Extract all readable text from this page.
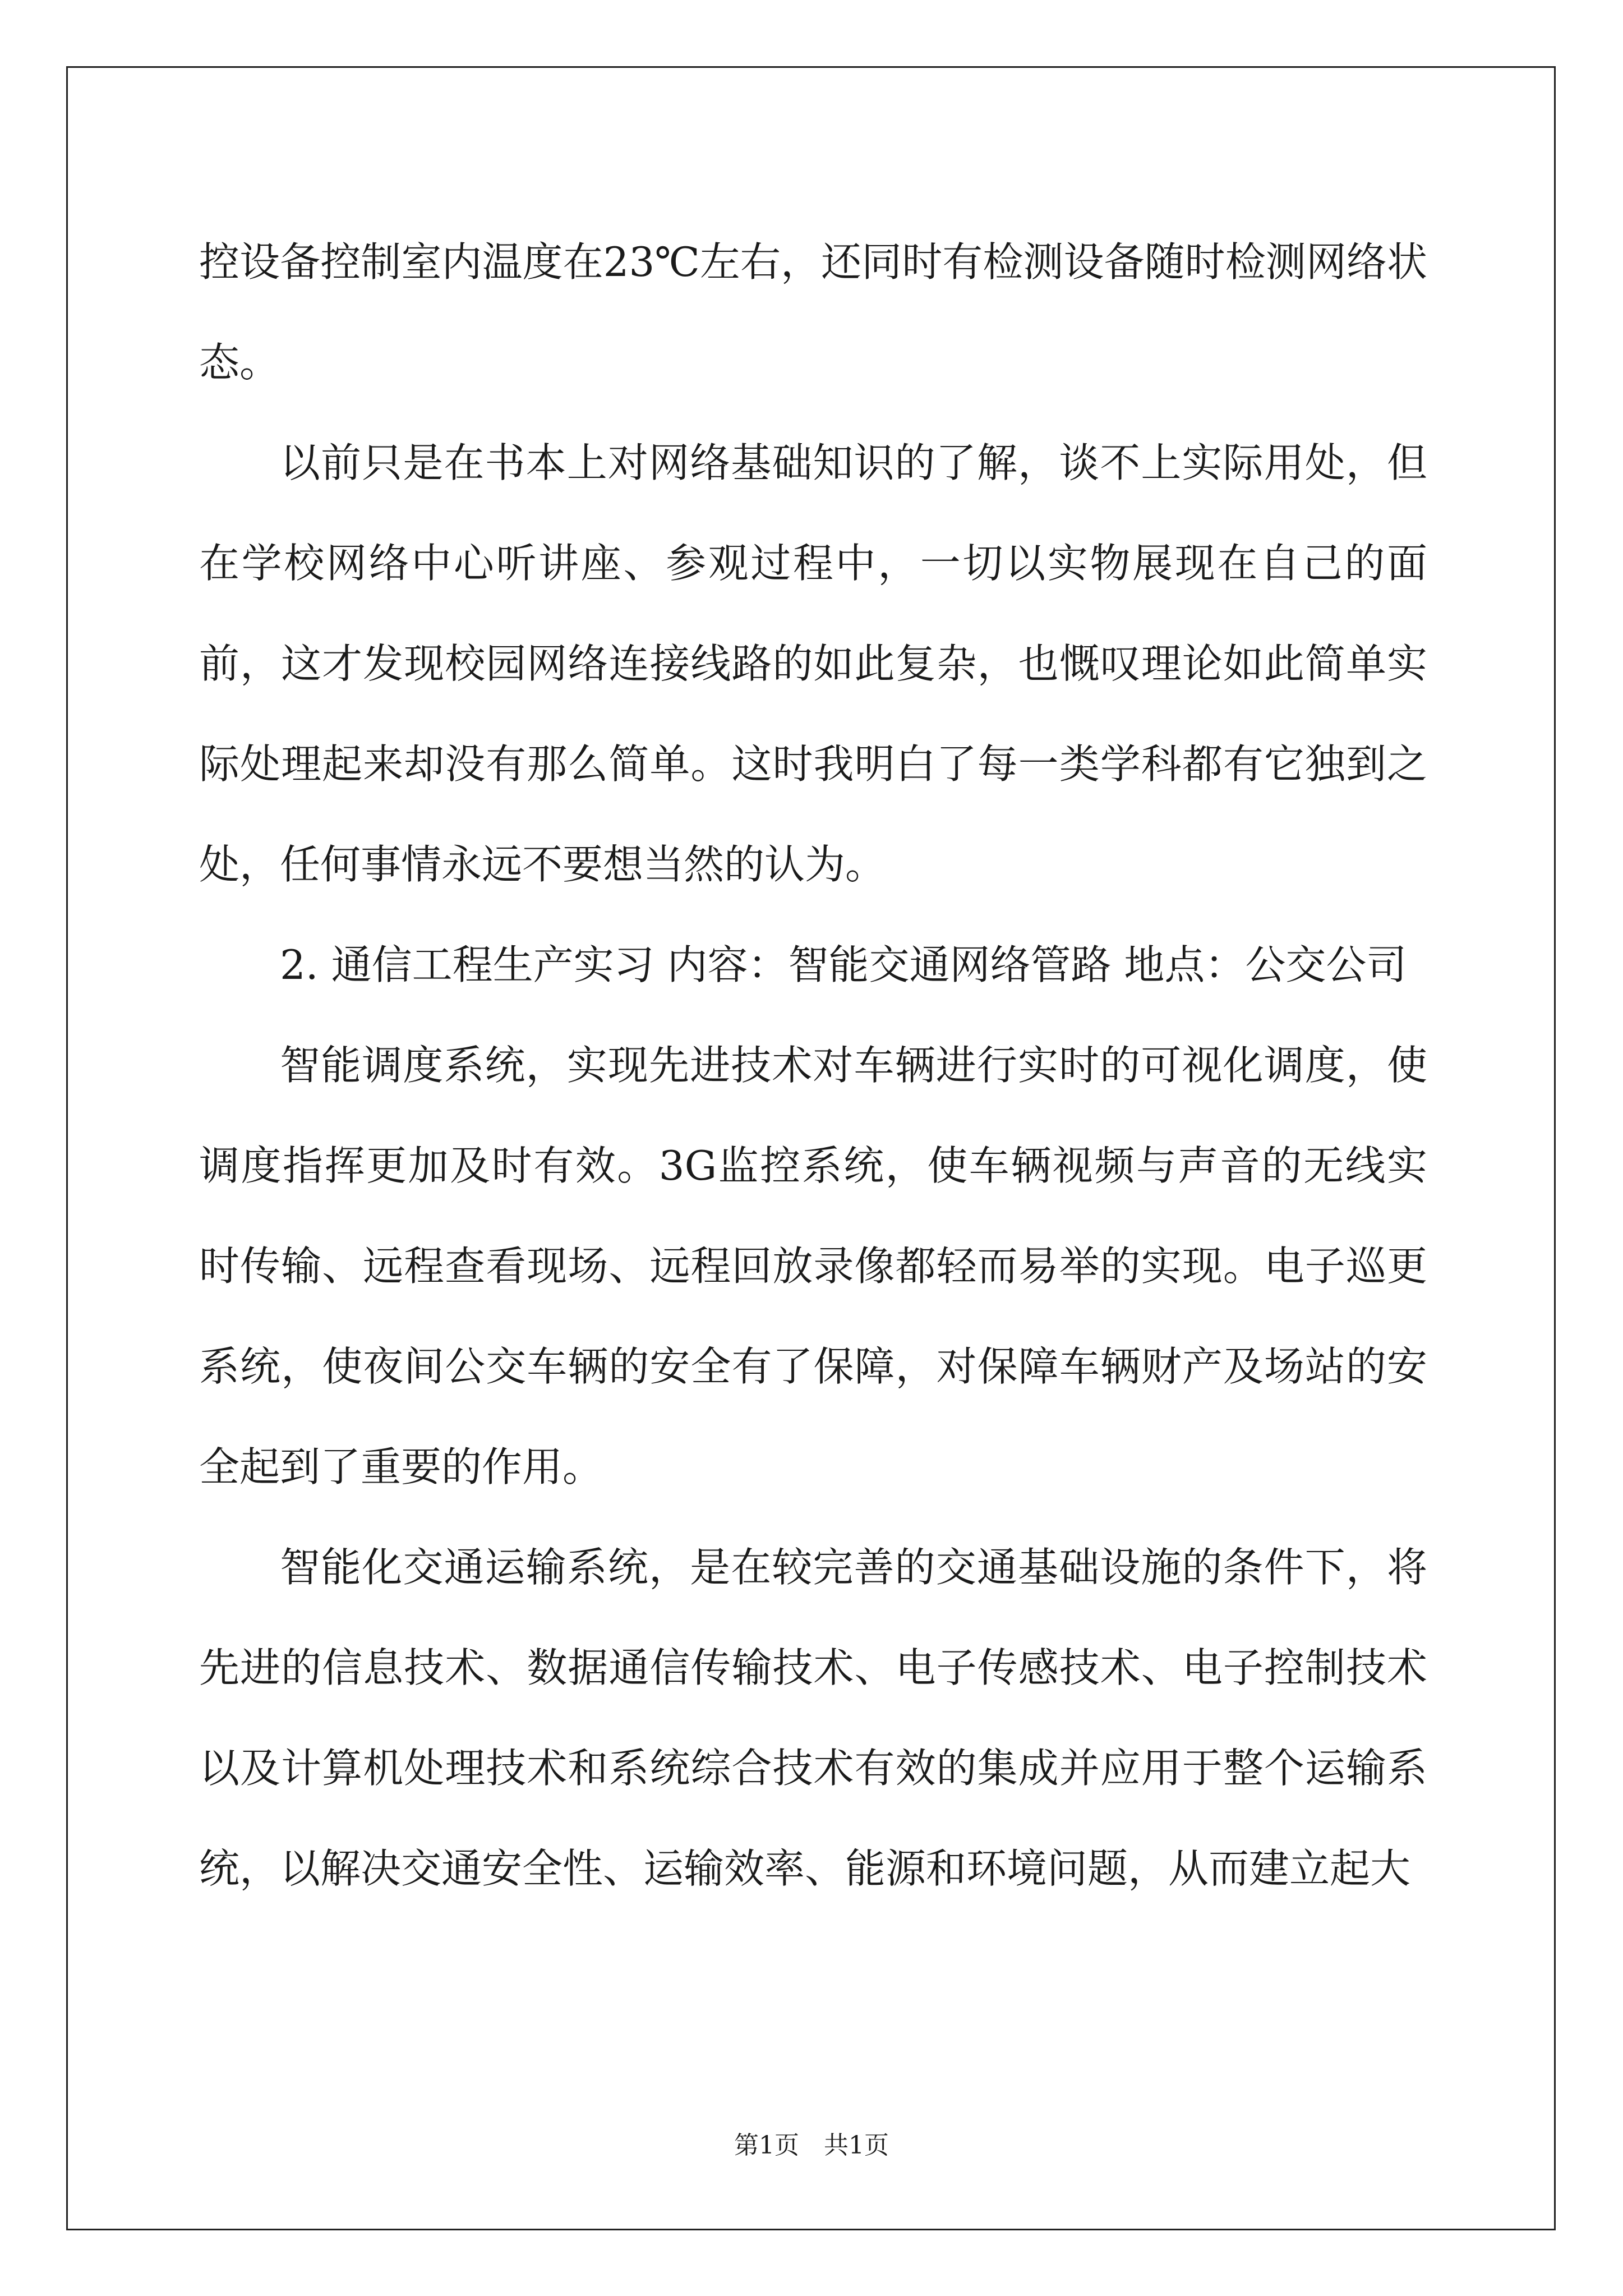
控设备控制室内温度在23℃左右，还同时有检测设备随时检测网络状态。

以前只是在书本上对网络基础知识的了解，谈不上实际用处，但在学校网络中心听讲座、参观过程中，一切以实物展现在自己的面前，这才发现校园网络连接线路的如此复杂，也慨叹理论如此简单实际处理起来却没有那么简单。这时我明白了每一类学科都有它独到之处，任何事情永远不要想当然的认为。

2. 通信工程生产实习 内容：智能交通网络管路 地点：公交公司

智能调度系统，实现先进技术对车辆进行实时的可视化调度，使调度指挥更加及时有效。3G监控系统，使车辆视频与声音的无线实时传输、远程查看现场、远程回放录像都轻而易举的实现。电子巡更系统，使夜间公交车辆的安全有了保障，对保障车辆财产及场站的安全起到了重要的作用。

智能化交通运输系统，是在较完善的交通基础设施的条件下，将先进的信息技术、数据通信传输技术、电子传感技术、电子控制技术以及计算机处理技术和系统综合技术有效的集成并应用于整个运输系统，以解决交通安全性、运输效率、能源和环境问题，从而建立起大

第1页 共1页
